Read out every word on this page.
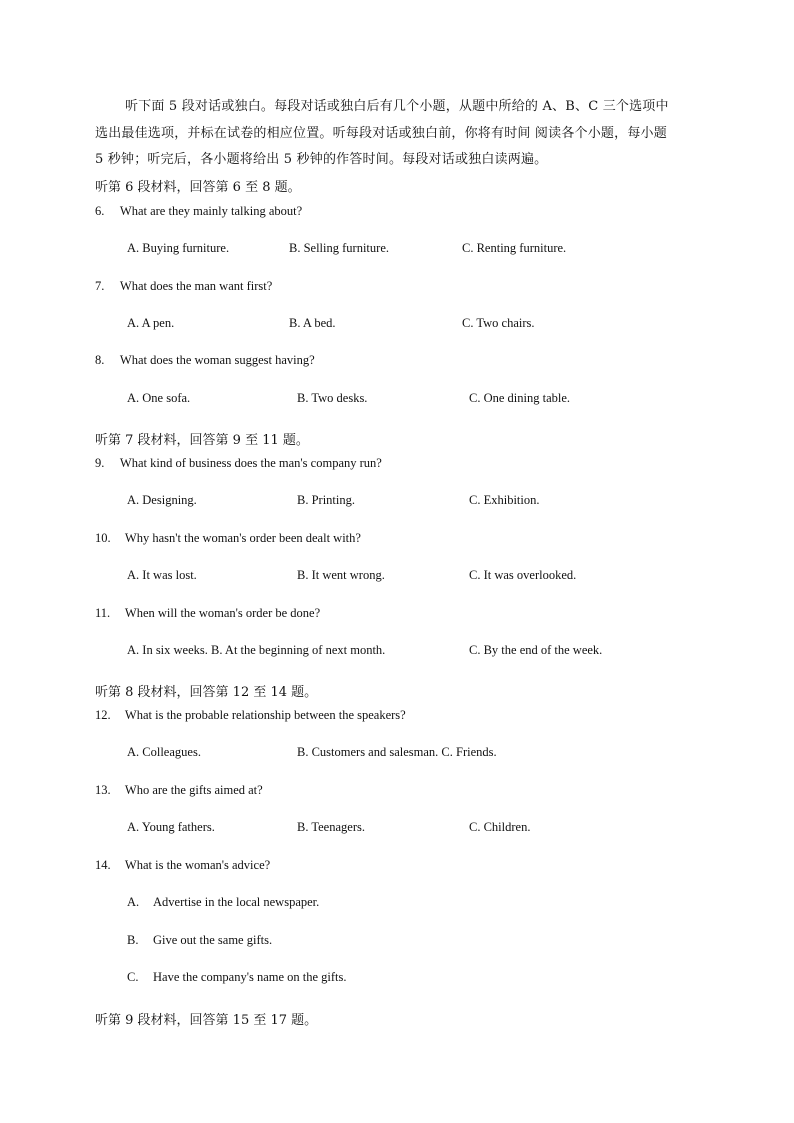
听下面 5 段对话或独白。每段对话或独白后有几个小题，从题中所给的 A、B、C 三个选项中
选出最佳选项，并标在试卷的相应位置。听每段对话或独白前，你将有时间 阅读各个小题，每小题
5 秒钟；听完后，各小题将给出 5 秒钟的作答时间。每段对话或独白读两遍。
听第 6 段材料，回答第 6 至 8 题。
6. What are they mainly talking about?
A. Buying furniture.	B. Selling furniture.	C. Renting furniture.
7. What does the man want first?
A. A pen.	B. A bed.	C. Two chairs.
8. What does the woman suggest having?
A. One sofa.	B. Two desks.	C. One dining table.
听第 7 段材料，回答第 9 至 11 题。
9. What kind of business does the man's company run?
A. Designing.	B. Printing.	C. Exhibition.
10. Why hasn't the woman's order been dealt with?
A. It was lost.	B. It went wrong.	C. It was overlooked.
11. When will the woman's order be done?
A. In six weeks. B. At the beginning of next month.	C. By the end of the week.
听第 8 段材料，回答第 12 至 14 题。
12. What is the probable relationship between the speakers?
A. Colleagues.	B. Customers and salesman. C. Friends.
13. Who are the gifts aimed at?
A. Young fathers.	B. Teenagers.	C. Children.
14. What is the woman's advice?
A. Advertise in the local newspaper.
B. Give out the same gifts.
C. Have the company's name on the gifts.
听第 9 段材料，回答第 15 至 17 题。
